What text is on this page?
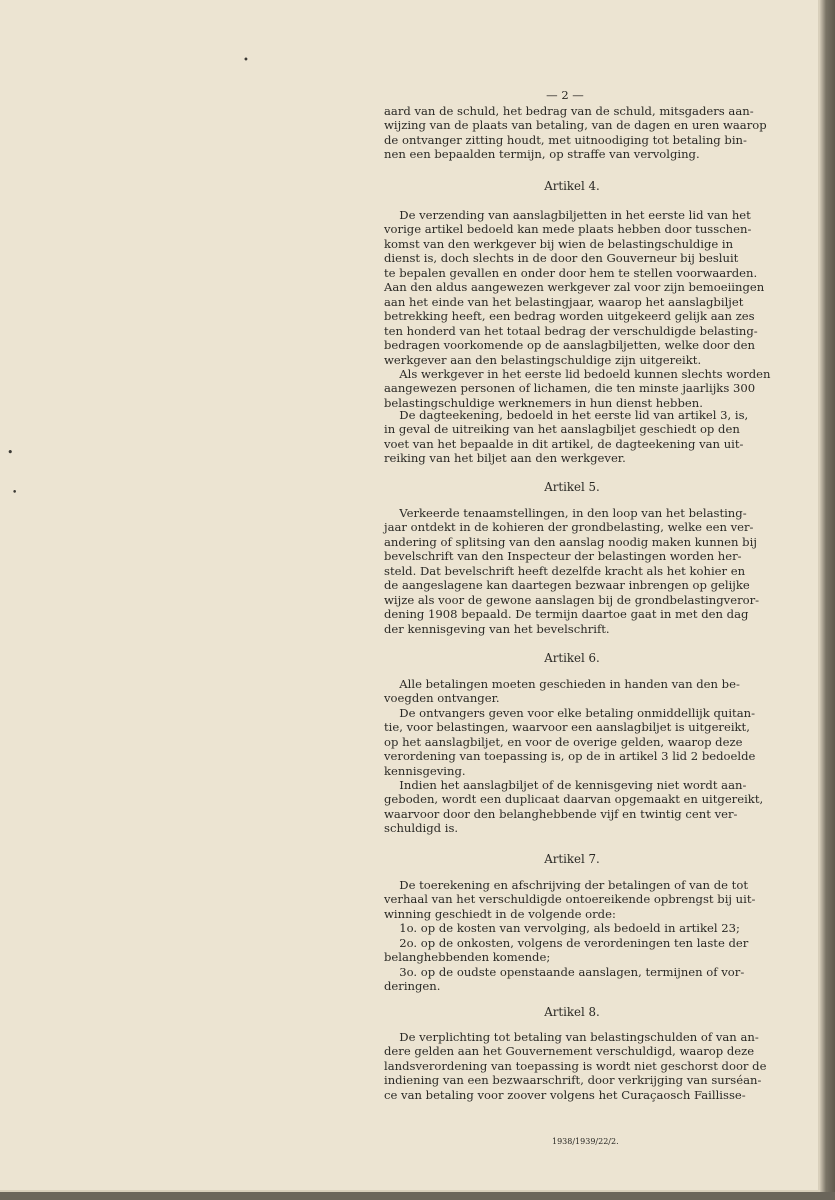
•
•
•
— 2 —

aard van de schuld, het bedrag van de schuld, mitsgaders aan-
wijzing van de plaats van betaling, van de dagen en uren waarop
de ontvanger zitting houdt, met uitnoodiging tot betaling bin-
nen een bepaalden termijn, op straffe van vervolging.

Artikel 4.

  De verzending van aanslagbiljetten in het eerste lid van het
vorige artikel bedoeld kan mede plaats hebben door tusschen-
komst van den werkgever bij wien de belastingschuldige in
dienst is, doch slechts in de door den Gouverneur bij besluit
te bepalen gevallen en onder door hem te stellen voorwaarden.
Aan den aldus aangewezen werkgever zal voor zijn bemoeiingen
aan het einde van het belastingjaar, waarop het aanslagbiljet
betrekking heeft, een bedrag worden uitgekeerd gelijk aan zes
ten honderd van het totaal bedrag der verschuldigde belasting-
bedragen voorkomende op de aanslagbiljetten, welke door den
werkgever aan den belastingschuldige zijn uitgereikt.

  Als werkgever in het eerste lid bedoeld kunnen slechts worden
aangewezen personen of lichamen, die ten minste jaarlijks 300
belastingschuldige werknemers in hun dienst hebben.

  De dagteekening, bedoeld in het eerste lid van artikel 3, is,
in geval de uitreiking van het aanslagbiljet geschiedt op den
voet van het bepaalde in dit artikel, de dagteekening van uit-
reiking van het biljet aan den werkgever.

Artikel 5.

  Verkeerde tenaamstellingen, in den loop van het belasting-
jaar ontdekt in de kohieren der grondbelasting, welke een ver-
andering of splitsing van den aanslag noodig maken kunnen bij
bevelschrift van den Inspecteur der belastingen worden her-
steld. Dat bevelschrift heeft dezelfde kracht als het kohier en
de aangeslagene kan daartegen bezwaar inbrengen op gelijke
wijze als voor de gewone aanslagen bij de grondbelastingveror-
dening 1908 bepaald. De termijn daartoe gaat in met den dag
der kennisgeving van het bevelschrift.

Artikel 6.

  Alle betalingen moeten geschieden in handen van den be-
voegden ontvanger.

  De ontvangers geven voor elke betaling onmiddellijk quitan-
tie, voor belastingen, waarvoor een aanslagbiljet is uitgereikt,
op het aanslagbiljet, en voor de overige gelden, waarop deze
verordening van toepassing is, op de in artikel 3 lid 2 bedoelde
kennisgeving.

  Indien het aanslagbiljet of de kennisgeving niet wordt aan-
geboden, wordt een duplicaat daarvan opgemaakt en uitgereikt,
waarvoor door den belanghebbende vijf en twintig cent ver-
schuldigd is.

Artikel 7.

  De toerekening en afschrijving der betalingen of van de tot
verhaal van het verschuldigde ontoereikende opbrengst bij uit-
winning geschiedt in de volgende orde:
  1o. op de kosten van vervolging, als bedoeld in artikel 23;
  2o. op de onkosten, volgens de verordeningen ten laste der
belanghebbenden komende;
  3o. op de oudste openstaande aanslagen, termijnen of vor-
deringen.

Artikel 8.

  De verplichting tot betaling van belastingschulden of van an-
dere gelden aan het Gouvernement verschuldigd, waarop deze
landsverordening van toepassing is wordt niet geschorst door de
indiening van een bezwaarschrift, door verkrijging van surséan-
ce van betaling voor zoover volgens het Curaçaosch Faillisse-

1938/1939/22/2.
